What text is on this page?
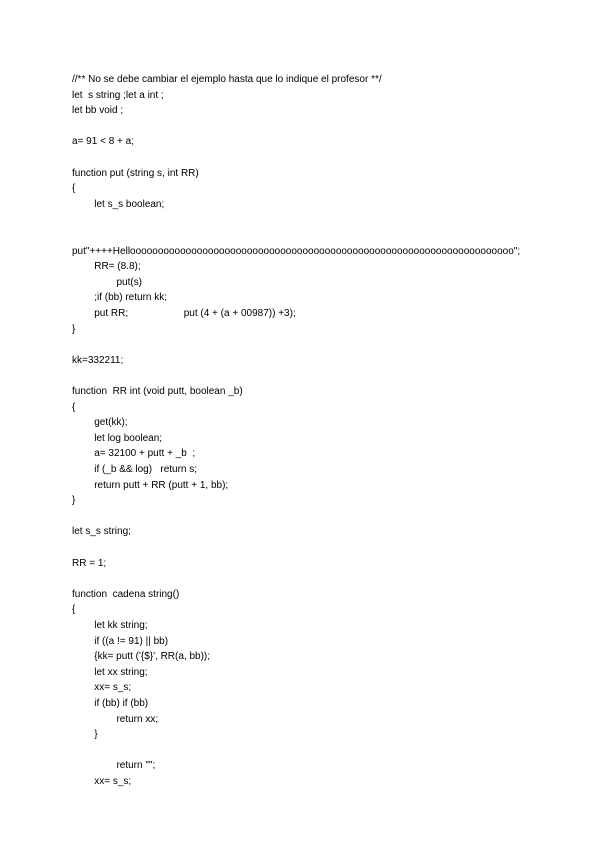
//** No se debe cambiar el ejemplo hasta que lo indique el profesor **/
let  s string ;let a int ;
let bb void ;
a= 91 < 8 + a;
function put (string s, int RR)
{
let s_s boolean;
put"++++Hellooooooooooooooooooooooooooooooooooooooooooooooooooooooooooooooooooooo";
RR= (8.8);
put(s)
;if (bb) return kk;
put RR;                    put (4 + (a + 00987)) +3);
}
kk=332211;
function  RR int (void putt, boolean _b)
{
get(kk);
let log boolean;
a= 32100 + putt + _b  ;
if (_b && log)   return s;
return putt + RR (putt + 1, bb);
}
let s_s string;
RR = 1;
function  cadena string()
{
let kk string;
if ((a != 91) || bb)
{kk= putt ('{$}', RR(a, bb));
let xx string;
xx= s_s;
if (bb) if (bb)
return xx;
}
return "";
xx= s_s;
